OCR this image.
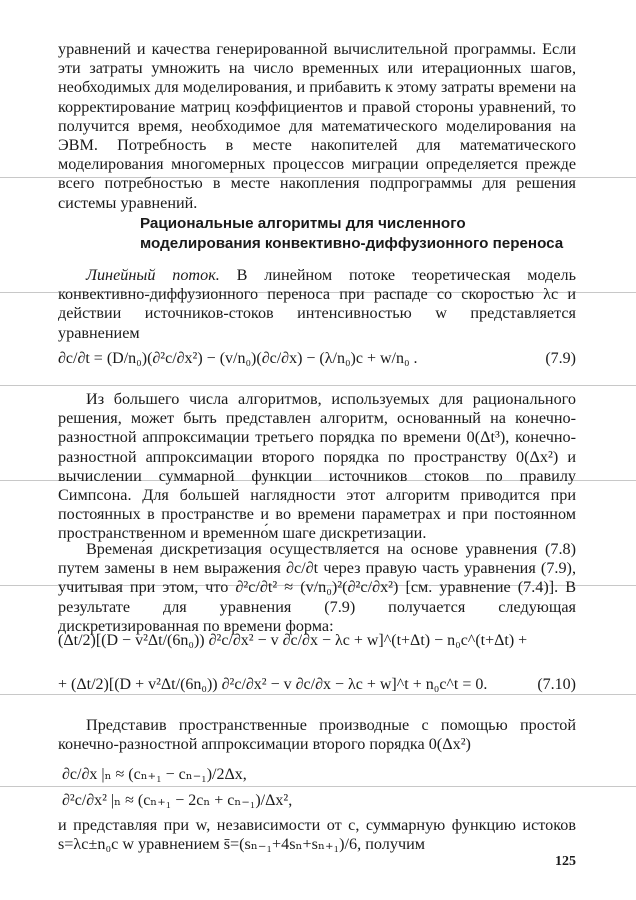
уравнений и качества генерированной вычислительной программы. Если эти затраты умножить на число временных или итерационных шагов, необходимых для моделирования, и прибавить к этому затраты времени на корректирование матриц коэффициентов и правой стороны уравнений, то получится время, необходимое для математического моделирования на ЭВМ. Потребность в месте накопителей для математического моделирования многомерных процессов миграции определяется прежде всего потребностью в месте накопления подпрограммы для решения системы уравнений.
Рациональные алгоритмы для численного
моделирования конвективно-диффузионного переноса
Линейный поток. В линейном потоке теоретическая модель конвективно-диффузионного переноса при распаде со скоростью λc и действии источников-стоков интенсивностью w представляется уравнением
∂c/∂t = (D/n₀)(∂²c/∂x²) − (v/n₀)(∂c/∂x) − (λ/n₀)c + w/n₀ .	(7.9)
Из большего числа алгоритмов, используемых для рационального решения, может быть представлен алгоритм, основанный на конечно-разностной аппроксимации третьего порядка по времени 0(Δt³), конечно-разностной аппроксимации второго порядка по пространству 0(Δx²) и вычислении суммарной функции источников стоков по правилу Симпсона. Для большей наглядности этот алгоритм приводится при постоянных в пространстве и во времени параметрах и при постоянном пространственном и временно́м шаге дискретизации.
Времена́я дискретизация осуществляется на основе уравнения (7.8) путем замены в нем выражения ∂c/∂t через правую часть уравнения (7.9), учитывая при этом, что ∂²c/∂t² ≈ (v/n₀)²(∂²c/∂x²) [см. уравнение (7.4)]. В результате для уравнения (7.9) получается следующая дискретизированная по времени форма:
(Δt/2)[(D − v²Δt/(6n₀)) ∂²c/∂x² − v ∂c/∂x − λc + w]^(t+Δt) − n₀c^(t+Δt) +
+ (Δt/2)[(D + v²Δt/(6n₀)) ∂²c/∂x² − v ∂c/∂x − λc + w]^t + n₀c^t = 0.	(7.10)
Представив пространственные производные с помощью простой конечно-разностной аппроксимации второго порядка 0(Δx²)
∂c/∂x |ₙ ≈ (cₙ₊₁ − cₙ₋₁)/2Δx,
∂²c/∂x² |ₙ ≈ (cₙ₊₁ − 2cₙ + cₙ₋₁)/Δx²,
и представляя при w, независимости от c, суммарную функцию истоков s=λc±n₀c w уравнением s̄=(sₙ₋₁+4sₙ+sₙ₊₁)/6, получим
125
